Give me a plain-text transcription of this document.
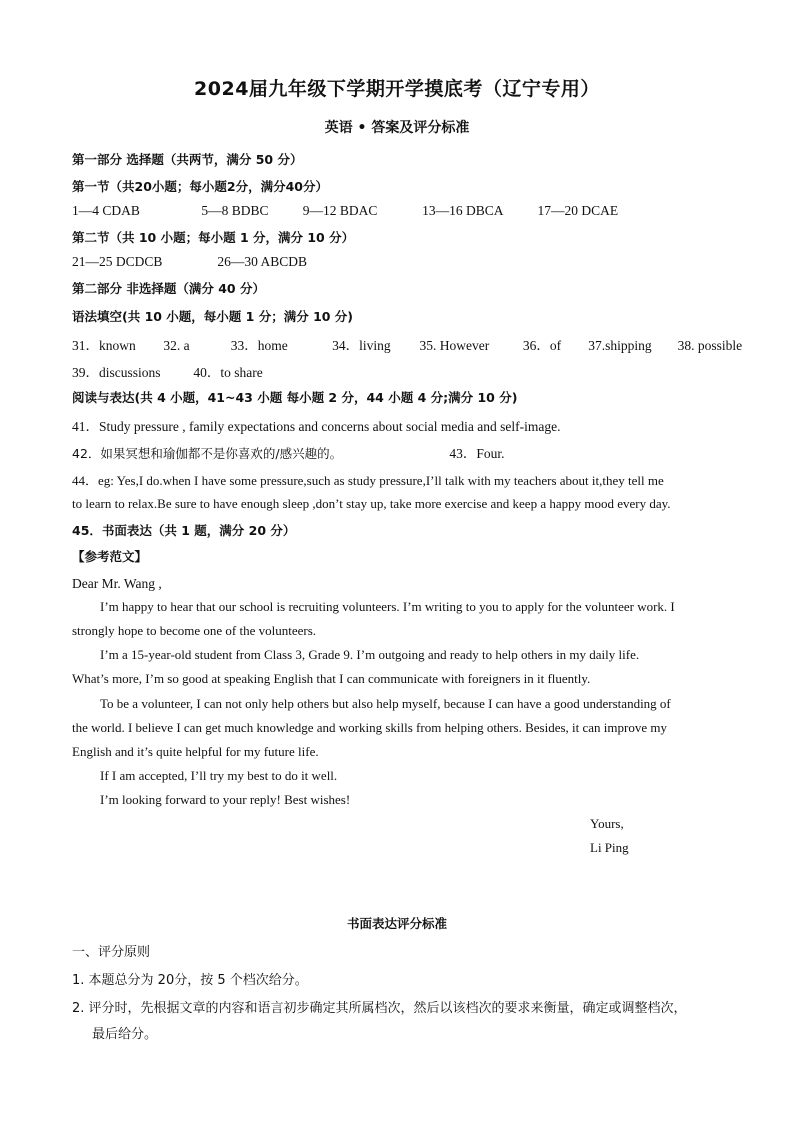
2024届九年级下学期开学摸底考（辽宁专用）
英语 • 答案及评分标准
第一部分 选择题（共两节，满分 50 分）
第一节（共20小题；每小题2分，满分40分）
1—4 CDAB	5—8 BDBC	9—12 BDAC	13—16 DBCA	17—20 DCAE
第二节（共 10 小题；每小题 1 分，满分 10 分）
21—25 DCDCB	26—30 ABCDB
第二部分 非选择题（满分 40 分）
语法填空(共 10 小题，每小题 1 分；满分 10 分)
31．known 32. a	33．home	34．living 35. However 36．of 37.shipping 38. possible
39．discussions 40．to share
阅读与表达(共 4 小题，41~43 小题 每小题 2 分，44 小题 4 分;满分 10 分)
41．Study pressure , family expectations and concerns about social media and self-image.
42．如果冥想和瑜伽都不是你喜欢的/感兴趣的。	43．Four.
44．eg: Yes,I do.when I have some pressure,such as study pressure,I’ll talk with my teachers about it,they tell me
to learn to relax.Be sure to have enough sleep ,don’t stay up, take more exercise and keep a happy mood every day.
45．书面表达（共 1 题，满分 20 分）
【参考范文】
Dear Mr. Wang ,
I’m happy to hear that our school is recruiting volunteers. I’m writing to you to apply for the volunteer work. I
strongly hope to become one of the volunteers.
I’m a 15-year-old student from Class 3, Grade 9. I’m outgoing and ready to help others in my daily life.
What’s more, I’m so good at speaking English that I can communicate with foreigners in it fluently.
To be a volunteer, I can not only help others but also help myself, because I can have a good understanding of
the world. I believe I can get much knowledge and working skills from helping others. Besides, it can improve my
English and it’s quite helpful for my future life.
If I am accepted, I’ll try my best to do it well.
I’m looking forward to your reply! Best wishes!
Yours,
Li Ping
书面表达评分标准
一、评分原则
1. 本题总分为 20分，按 5 个档次给分。
2. 评分时，先根据文章的内容和语言初步确定其所属档次，然后以该档次的要求来衡量，确定或调整档次，
最后给分。
